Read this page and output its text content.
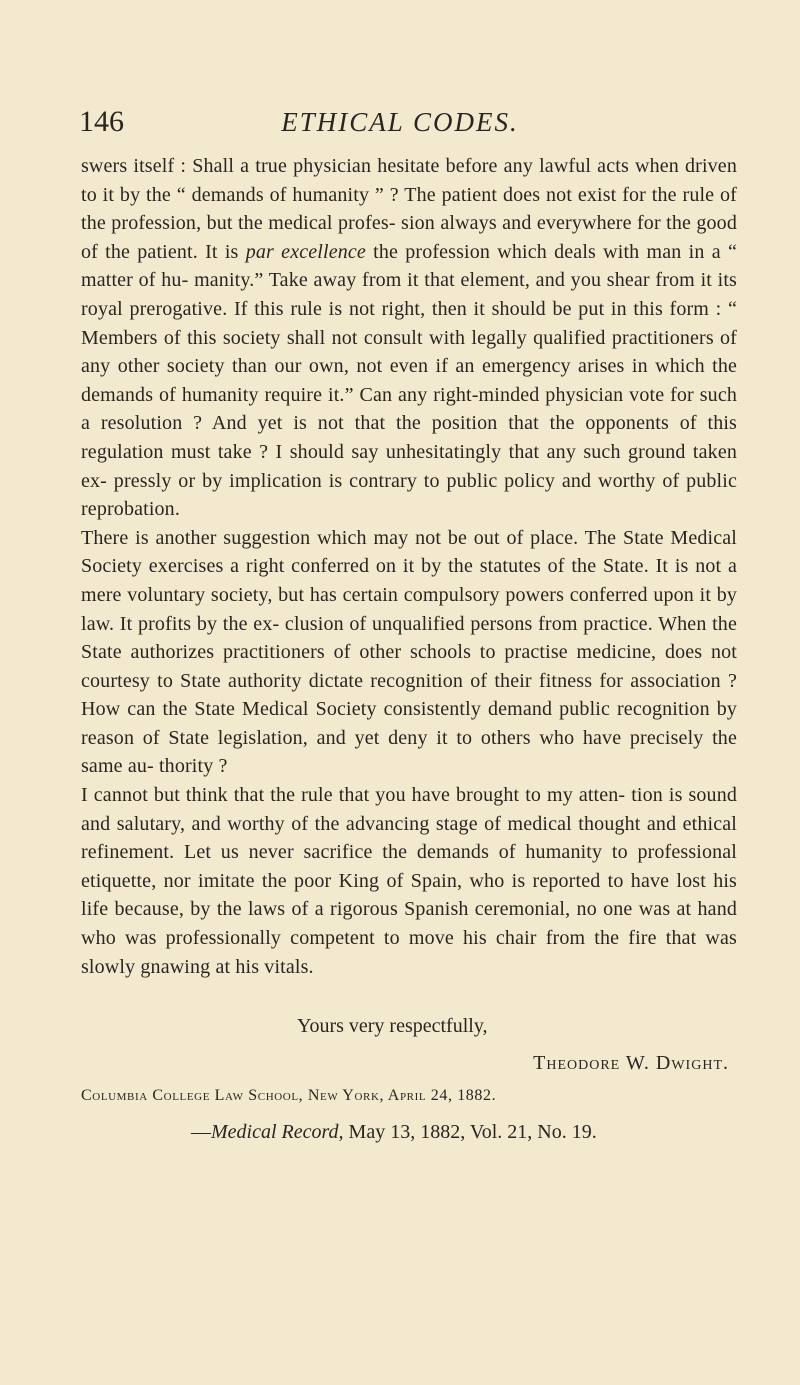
146	ETHICAL CODES.

swers itself : Shall a true physician hesitate before any lawful acts when driven to it by the “ demands of humanity ” ? The patient does not exist for the rule of the profession, but the medical profes- sion always and everywhere for the good of the patient. It is par excellence the profession which deals with man in a “ matter of hu- manity.” Take away from it that element, and you shear from it its royal prerogative. If this rule is not right, then it should be put in this form : “ Members of this society shall not consult with legally qualified practitioners of any other society than our own, not even if an emergency arises in which the demands of humanity require it.” Can any right-minded physician vote for such a resolution ? And yet is not that the position that the opponents of this regulation must take ? I should say unhesitatingly that any such ground taken ex- pressly or by implication is contrary to public policy and worthy of public reprobation.

There is another suggestion which may not be out of place. The State Medical Society exercises a right conferred on it by the statutes of the State. It is not a mere voluntary society, but has certain compulsory powers conferred upon it by law. It profits by the ex- clusion of unqualified persons from practice. When the State authorizes practitioners of other schools to practise medicine, does not courtesy to State authority dictate recognition of their fitness for association ? How can the State Medical Society consistently demand public recognition by reason of State legislation, and yet deny it to others who have precisely the same au- thority ?

I cannot but think that the rule that you have brought to my atten- tion is sound and salutary, and worthy of the advancing stage of medical thought and ethical refinement. Let us never sacrifice the demands of humanity to professional etiquette, nor imitate the poor King of Spain, who is reported to have lost his life because, by the laws of a rigorous Spanish ceremonial, no one was at hand who was professionally competent to move his chair from the fire that was slowly gnawing at his vitals.

Yours very respectfully,
Theodore W. Dwight.
Columbia College Law School, New York, April 24, 1882.
—Medical Record, May 13, 1882, Vol. 21, No. 19.
